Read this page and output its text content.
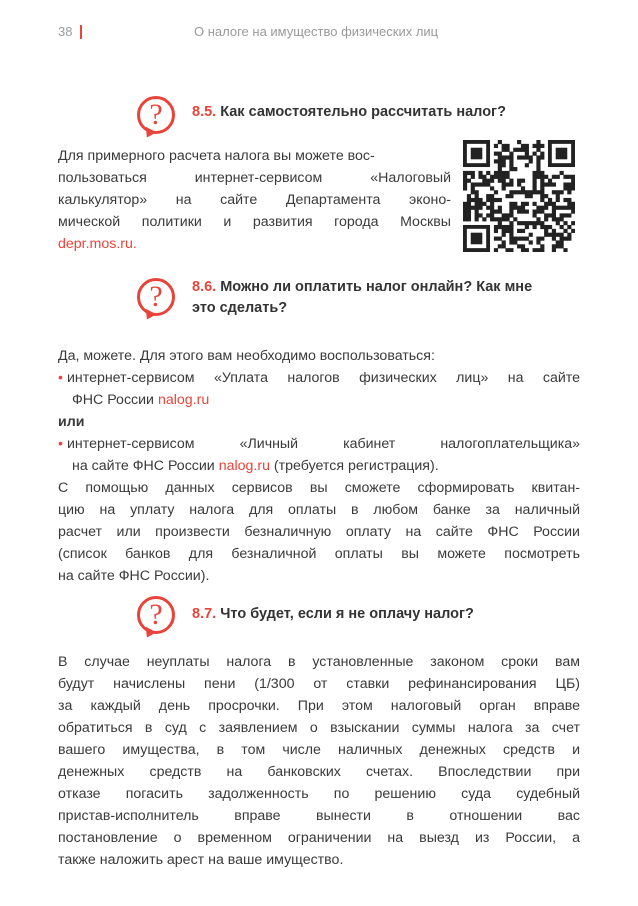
38	О налоге на имущество физических лиц
?	8.5. Как самостоятельно рассчитать налог?
Для примерного расчета налога вы можете вос-
пользоваться интернет-сервисом «Налоговый
калькулятор» на сайте Департамента эконо-
мической политики и развития города Москвы
depr.mos.ru.
?	8.6. Можно ли оплатить налог онлайн? Как мне
это сделать?
Да, можете. Для этого вам необходимо воспользоваться:
• интернет-сервисом «Уплата налогов физических лиц» на сайте
ФНС России nalog.ru
или
• интернет-сервисом «Личный кабинет налогоплательщика»
на сайте ФНС России nalog.ru (требуется регистрация).
С помощью данных сервисов вы сможете сформировать квитан-
цию на уплату налога для оплаты в любом банке за наличный
расчет или произвести безналичную оплату на сайте ФНС России
(список банков для безналичной оплаты вы можете посмотреть
на сайте ФНС России).
?	8.7. Что будет, если я не оплачу налог?
В случае неуплаты налога в установленные законом сроки вам
будут начислены пени (1/300 от ставки рефинансирования ЦБ)
за каждый день просрочки. При этом налоговый орган вправе
обратиться в суд с заявлением о взыскании суммы налога за счет
вашего имущества, в том числе наличных денежных средств и
денежных средств на банковских счетах. Впоследствии при
отказе погасить задолженность по решению суда судебный
пристав-исполнитель вправе вынести в отношении вас
постановление о временном ограничении на выезд из России, а
также наложить арест на ваше имущество.
